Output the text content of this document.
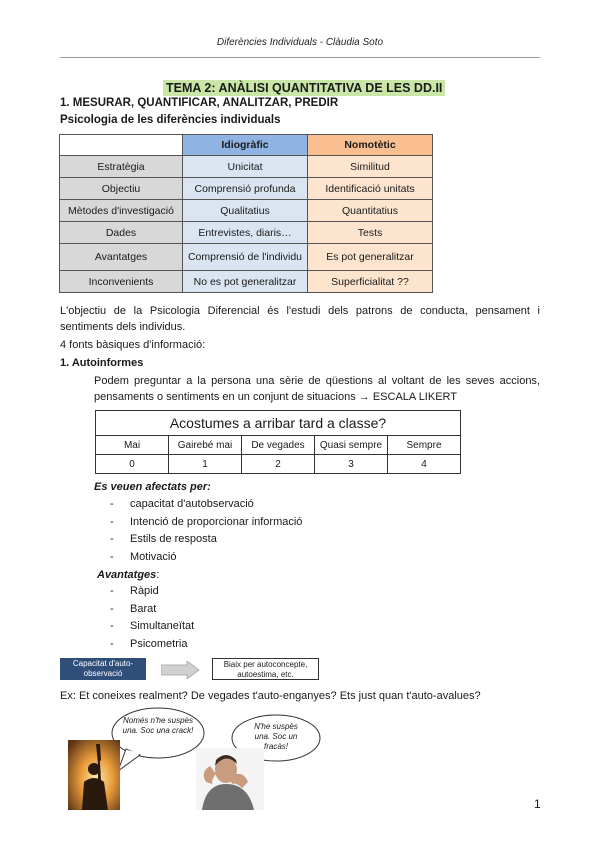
Diferències Individuals - Clàudia Soto
TEMA 2: ANÀLISI QUANTITATIVA DE LES DD.II
1. MESURAR, QUANTIFICAR, ANALITZAR, PREDIR
Psicologia de les diferències individuals
	Idiogràfic	Nomotètic
Estratègia	Unicitat	Similitud
Objectiu	Comprensió profunda	Identificació unitats
Mètodes d'investigació	Qualitatius	Quantitatius
Dades	Entrevistes, diaris…	Tests
Avantatges	Comprensió de l'individu	Es pot generalitzar
Inconvenients	No es pot generalitzar	Superficialitat ??
L'objectiu de la Psicologia Diferencial és l'estudi dels patrons de conducta, pensament i sentiments dels individus.
4 fonts bàsiques d'informació:
1. Autoinformes
Podem preguntar a la persona una sèrie de qüestions al voltant de les seves accions, pensaments o sentiments en un conjunt de situacions → ESCALA LIKERT
Acostumes a arribar tard a classe?				
Mai	Gairebé mai	De vegades	Quasi sempre	Sempre
0	1	2	3	4
Es veuen afectats per:
- capacitat d'autobservació
- Intenció de proporcionar informació
- Estils de resposta
- Motivació
Avantatges:
- Ràpid
- Barat
- Simultaneïtat
- Psicometria
Capacitat d'auto-observació
Biaix per autoconcepte, autoestima, etc.
Ex: Et coneixes realment? De vegades t'auto-enganyes? Ets just quan t'auto-avalues?
Només n'he suspès una. Soc una crack!	N'he suspès una. Soc un fracàs!
1
